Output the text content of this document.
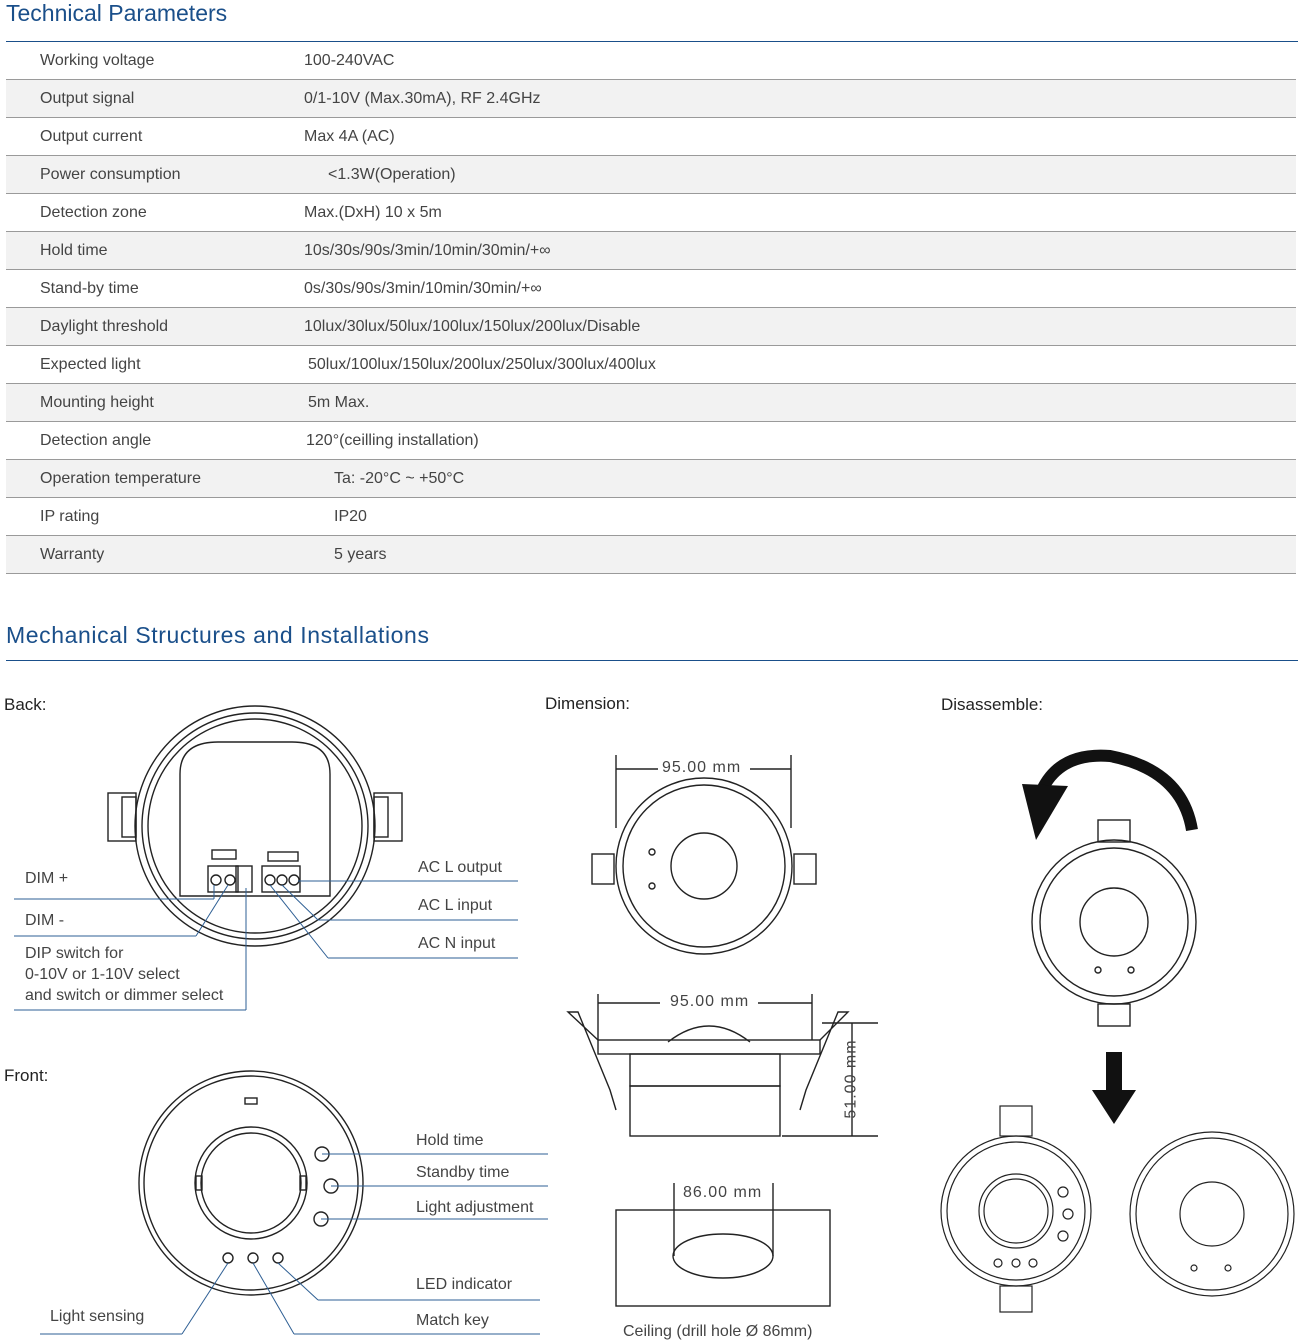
Technical Parameters
Working voltage	100-240VAC
Output signal	0/1-10V (Max.30mA), RF 2.4GHz
Output current	Max 4A (AC)
Power consumption	<1.3W(Operation)
Detection zone	Max.(DxH) 10 x 5m
Hold time	10s/30s/90s/3min/10min/30min/+∞
Stand-by time	0s/30s/90s/3min/10min/30min/+∞
Daylight threshold	10lux/30lux/50lux/100lux/150lux/200lux/Disable
Expected light	50lux/100lux/150lux/200lux/250lux/300lux/400lux
Mounting height	5m Max.
Detection angle	120°(ceilling installation)
Operation temperature	Ta: -20°C ~ +50°C
IP rating	IP20
Warranty	5 years
Mechanical Structures and Installations
Back:	Dimension:	Disassemble:
Front:
DIM +
DIM -
DIP switch for
0-10V or 1-10V select
and switch or dimmer select
AC L output
AC L input
AC N input
Hold time
Standby time
Light adjustment
LED indicator
Light sensing	Match key
95.00 mm
95.00 mm
51.00 mm
86.00 mm
Ceiling (drill hole Ø 86mm)
